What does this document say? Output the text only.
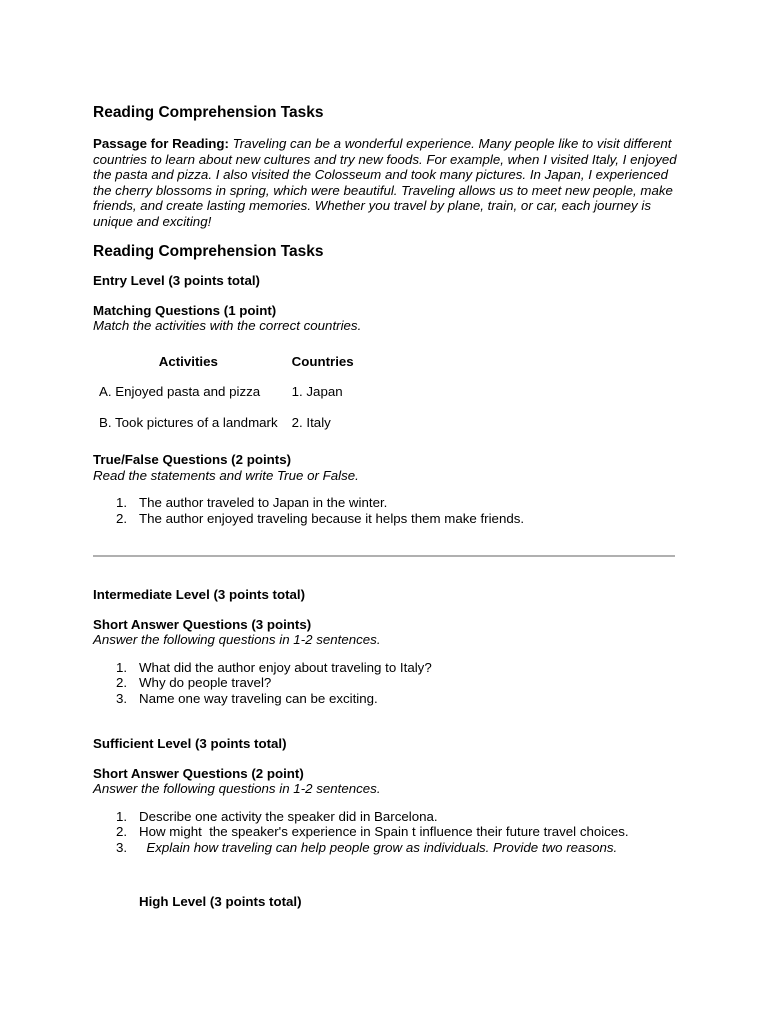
Reading Comprehension Tasks

Passage for Reading: Traveling can be a wonderful experience. Many people like to visit different countries to learn about new cultures and try new foods. For example, when I visited Italy, I enjoyed the pasta and pizza. I also visited the Colosseum and took many pictures. In Japan, I experienced the cherry blossoms in spring, which were beautiful. Traveling allows us to meet new people, make friends, and create lasting memories. Whether you travel by plane, train, or car, each journey is unique and exciting!

Reading Comprehension Tasks

Entry Level (3 points total)

Matching Questions (1 point)

Match the activities with the correct countries.

Activities	Countries
A. Enjoyed pasta and pizza	1. Japan
B. Took pictures of a landmark	2. Italy

True/False Questions (2 points)

Read the statements and write True or False.

1. The author traveled to Japan in the winter.
2. The author enjoyed traveling because it helps them make friends.

Intermediate Level (3 points total)

Short Answer Questions (3 points)

Answer the following questions in 1-2 sentences.

1. What did the author enjoy about traveling to Italy?
2. Why do people travel?
3. Name one way traveling can be exciting.

Sufficient Level (3 points total)

Short Answer Questions (2 point)

Answer the following questions in 1-2 sentences.

1. Describe one activity the speaker did in Barcelona.
2. How might  the speaker's experience in Spain t influence their future travel choices.
3. Explain how traveling can help people grow as individuals. Provide two reasons.

High Level (3 points total)
